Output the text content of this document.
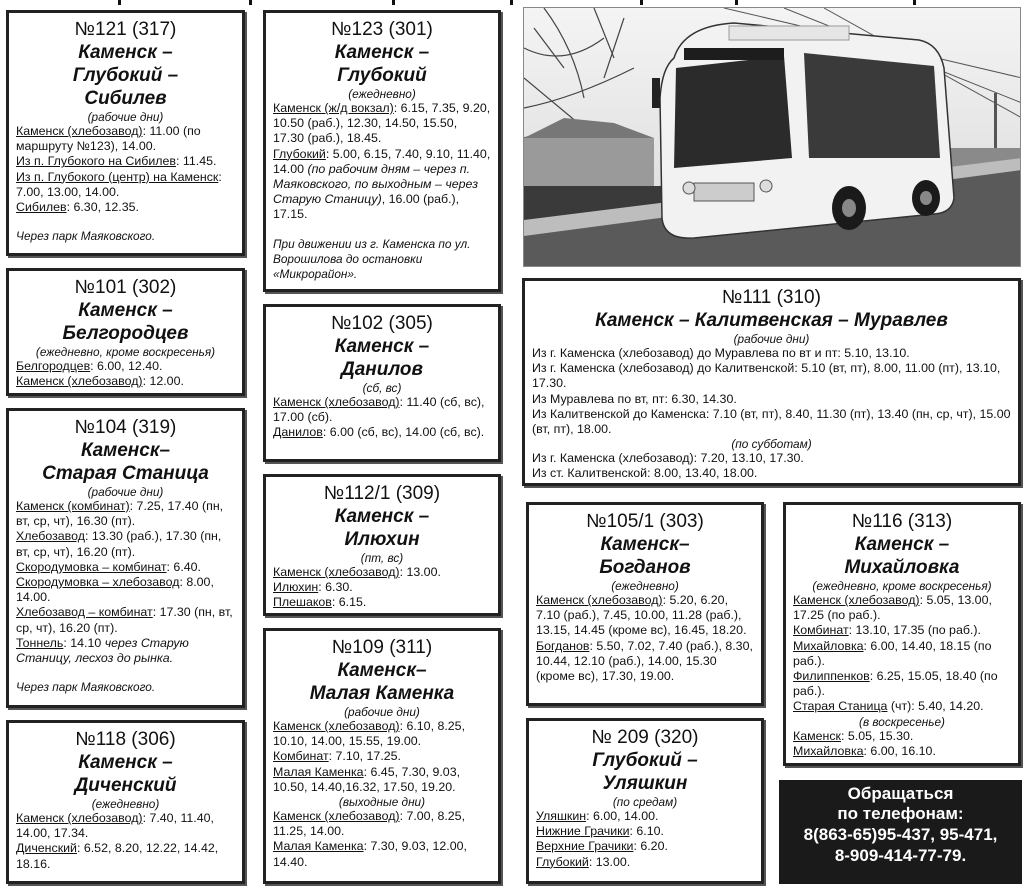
№121 (317)
Каменск –
Глубокий –
Сибилев
(рабочие дни)

Каменск (хлебозавод): 11.00 (по маршруту №123), 14.00.

Из п. Глубокого на Сибилев: 11.45.

Из п. Глубокого (центр) на Каменск: 7.00, 13.00, 14.00.

Сибилев: 6.30, 12.35.

Через парк Маяковского.
№101 (302)
Каменск –
Белгородцев
(ежедневно, кроме воскресенья)

Белгородцев: 6.00, 12.40.

Каменск (хлебозавод): 12.00.

№104 (319)
Каменск–
Старая Станица
(рабочие дни)

Каменск (комбинат): 7.25, 17.40 (пн, вт, ср, чт), 16.30 (пт).

Хлебозавод: 13.30 (раб.), 17.30 (пн, вт, ср, чт), 16.20 (пт).

Скородумовка – комбинат: 6.40.

Скородумовка – хлебозавод: 8.00, 14.00.

Хлебозавод – комбинат: 17.30 (пн, вт, ср, чт), 16.20 (пт).

Тоннель: 14.10 через Старую Станицу, лесхоз до рынка.

Через парк Маяковского.
№118 (306)
Каменск –
Диченский
(ежедневно)

Каменск (хлебозавод): 7.40, 11.40, 14.00, 17.34.

Диченский: 6.52, 8.20, 12.22, 14.42, 18.16.

№123 (301)
Каменск –
Глубокий
(ежедневно)

Каменск (ж/д вокзал): 6.15, 7.35, 9.20, 10.50 (раб.), 12.30, 14.50, 15.50, 17.30 (раб.), 18.45.

Глубокий: 5.00, 6.15, 7.40, 9.10, 11.40, 14.00 (по рабочим дням – через п. Маяковского, по выходным – через Старую Станицу), 16.00 (раб.), 17.15.

При движении из г. Каменска по ул. Ворошилова до остановки «Микрорайон».
№102 (305)
Каменск –
Данилов
(сб, вс)

Каменск (хлебозавод): 11.40 (сб, вс), 17.00 (сб).

Данилов: 6.00 (сб, вс), 14.00 (сб, вс).

№112/1 (309)
Каменск –
Илюхин
(пт, вс)

Каменск (хлебозавод): 13.00.

Илюхин: 6.30.

Плешаков: 6.15.

№109 (311)
Каменск–
Малая Каменка
(рабочие дни)

Каменск (хлебозавод): 6.10, 8.25, 10.10, 14.00, 15.55, 19.00.

Комбинат: 7.10, 17.25.

Малая Каменка: 6.45, 7.30, 9.03, 10.50, 14.40,16.32, 17.50, 19.20.

(выходные дни)

Каменск (хлебозавод): 7.00, 8.25, 11.25, 14.00.

Малая Каменка: 7.30, 9.03, 12.00, 14.40.

№111 (310)
Каменск – Калитвенская – Муравлев
(рабочие дни)

Из г. Каменска (хлебозавод) до Муравлева по вт и пт: 5.10, 13.10.

Из г. Каменска (хлебозавод) до Калитвенской: 5.10 (вт, пт), 8.00, 11.00 (пт), 13.10, 17.30.

Из Муравлева по вт, пт: 6.30, 14.30.

Из Калитвенской до Каменска: 7.10 (вт, пт), 8.40, 11.30 (пт), 13.40 (пн, ср, чт), 15.00 (вт, пт), 18.00.

(по субботам)

Из г. Каменска (хлебозавод): 7.20, 13.10, 17.30.

Из ст. Калитвенской: 8.00, 13.40, 18.00.

№105/1 (303)
Каменск–
Богданов
(ежедневно)

Каменск (хлебозавод): 5.20, 6.20, 7.10 (раб.), 7.45, 10.00, 11.28 (раб.), 13.15, 14.45 (кроме вс), 16.45, 18.20.

Богданов: 5.50, 7.02, 7.40 (раб.), 8.30, 10.44, 12.10 (раб.), 14.00, 15.30 (кроме вс), 17.30, 19.00.

№ 209 (320)
Глубокий –
Уляшкин
(по средам)

Уляшкин: 6.00, 14.00.

Нижние Грачики: 6.10.

Верхние Грачики: 6.20.

Глубокий: 13.00.

№116 (313)
Каменск –
Михайловка
(ежедневно, кроме воскресенья)

Каменск (хлебозавод): 5.05, 13.00, 17.25 (по раб.).

Комбинат: 13.10, 17.35 (по раб.).

Михайловка: 6.00, 14.40, 18.15 (по раб.).

Филиппенков: 6.25, 15.05, 18.40 (по раб.).

Старая Станица (чт): 5.40, 14.20.

(в воскресенье)

Каменск: 5.05, 15.30.

Михайловка: 6.00, 16.10.

Обращаться
по телефонам:
8(863-65)95-437, 95-471,
8-909-414-77-79.
